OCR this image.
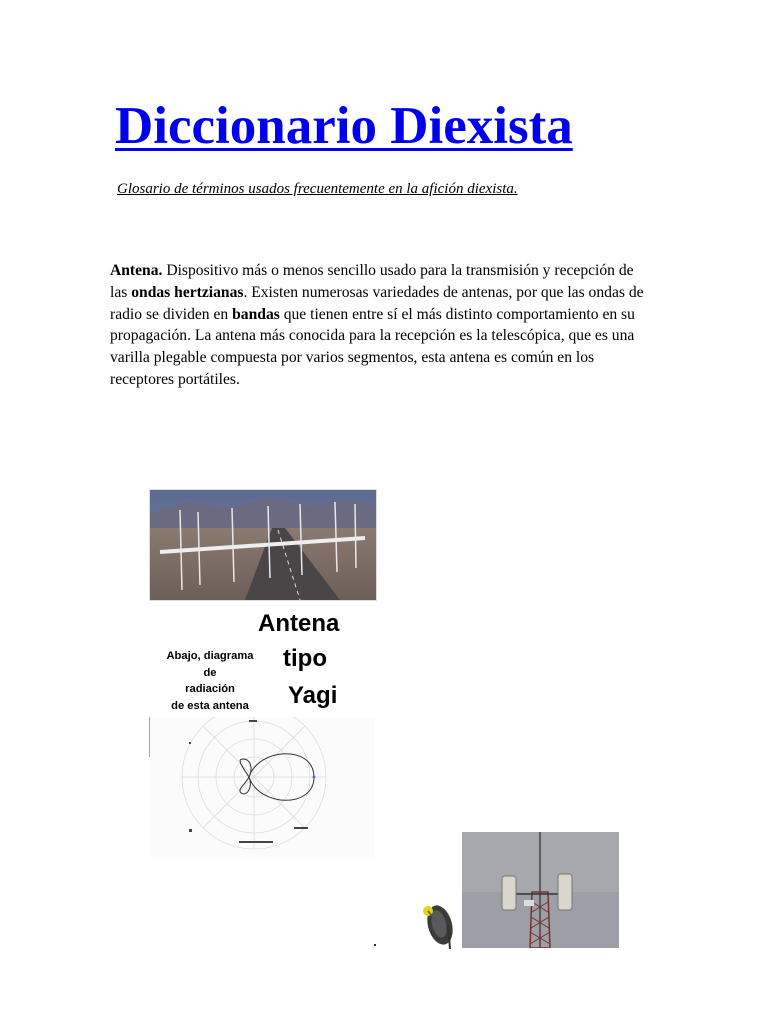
Diccionario Diexista
Glosario de términos usados frecuentemente en la afición diexista.
Antena. Dispositivo más o menos sencillo usado para la transmisión y recepción de las ondas hertzianas. Existen numerosas variedades de antenas, por que las ondas de radio se dividen en bandas que tienen entre sí el más distinto comportamiento en su propagación. La antena más conocida para la recepción es la telescópica, que es una varilla plegable compuesta por varios segmentos, esta antena es común en los receptores portátiles.
Antena
tipo
Yagi
Abajo, diagrama
de
radiación
de esta antena
